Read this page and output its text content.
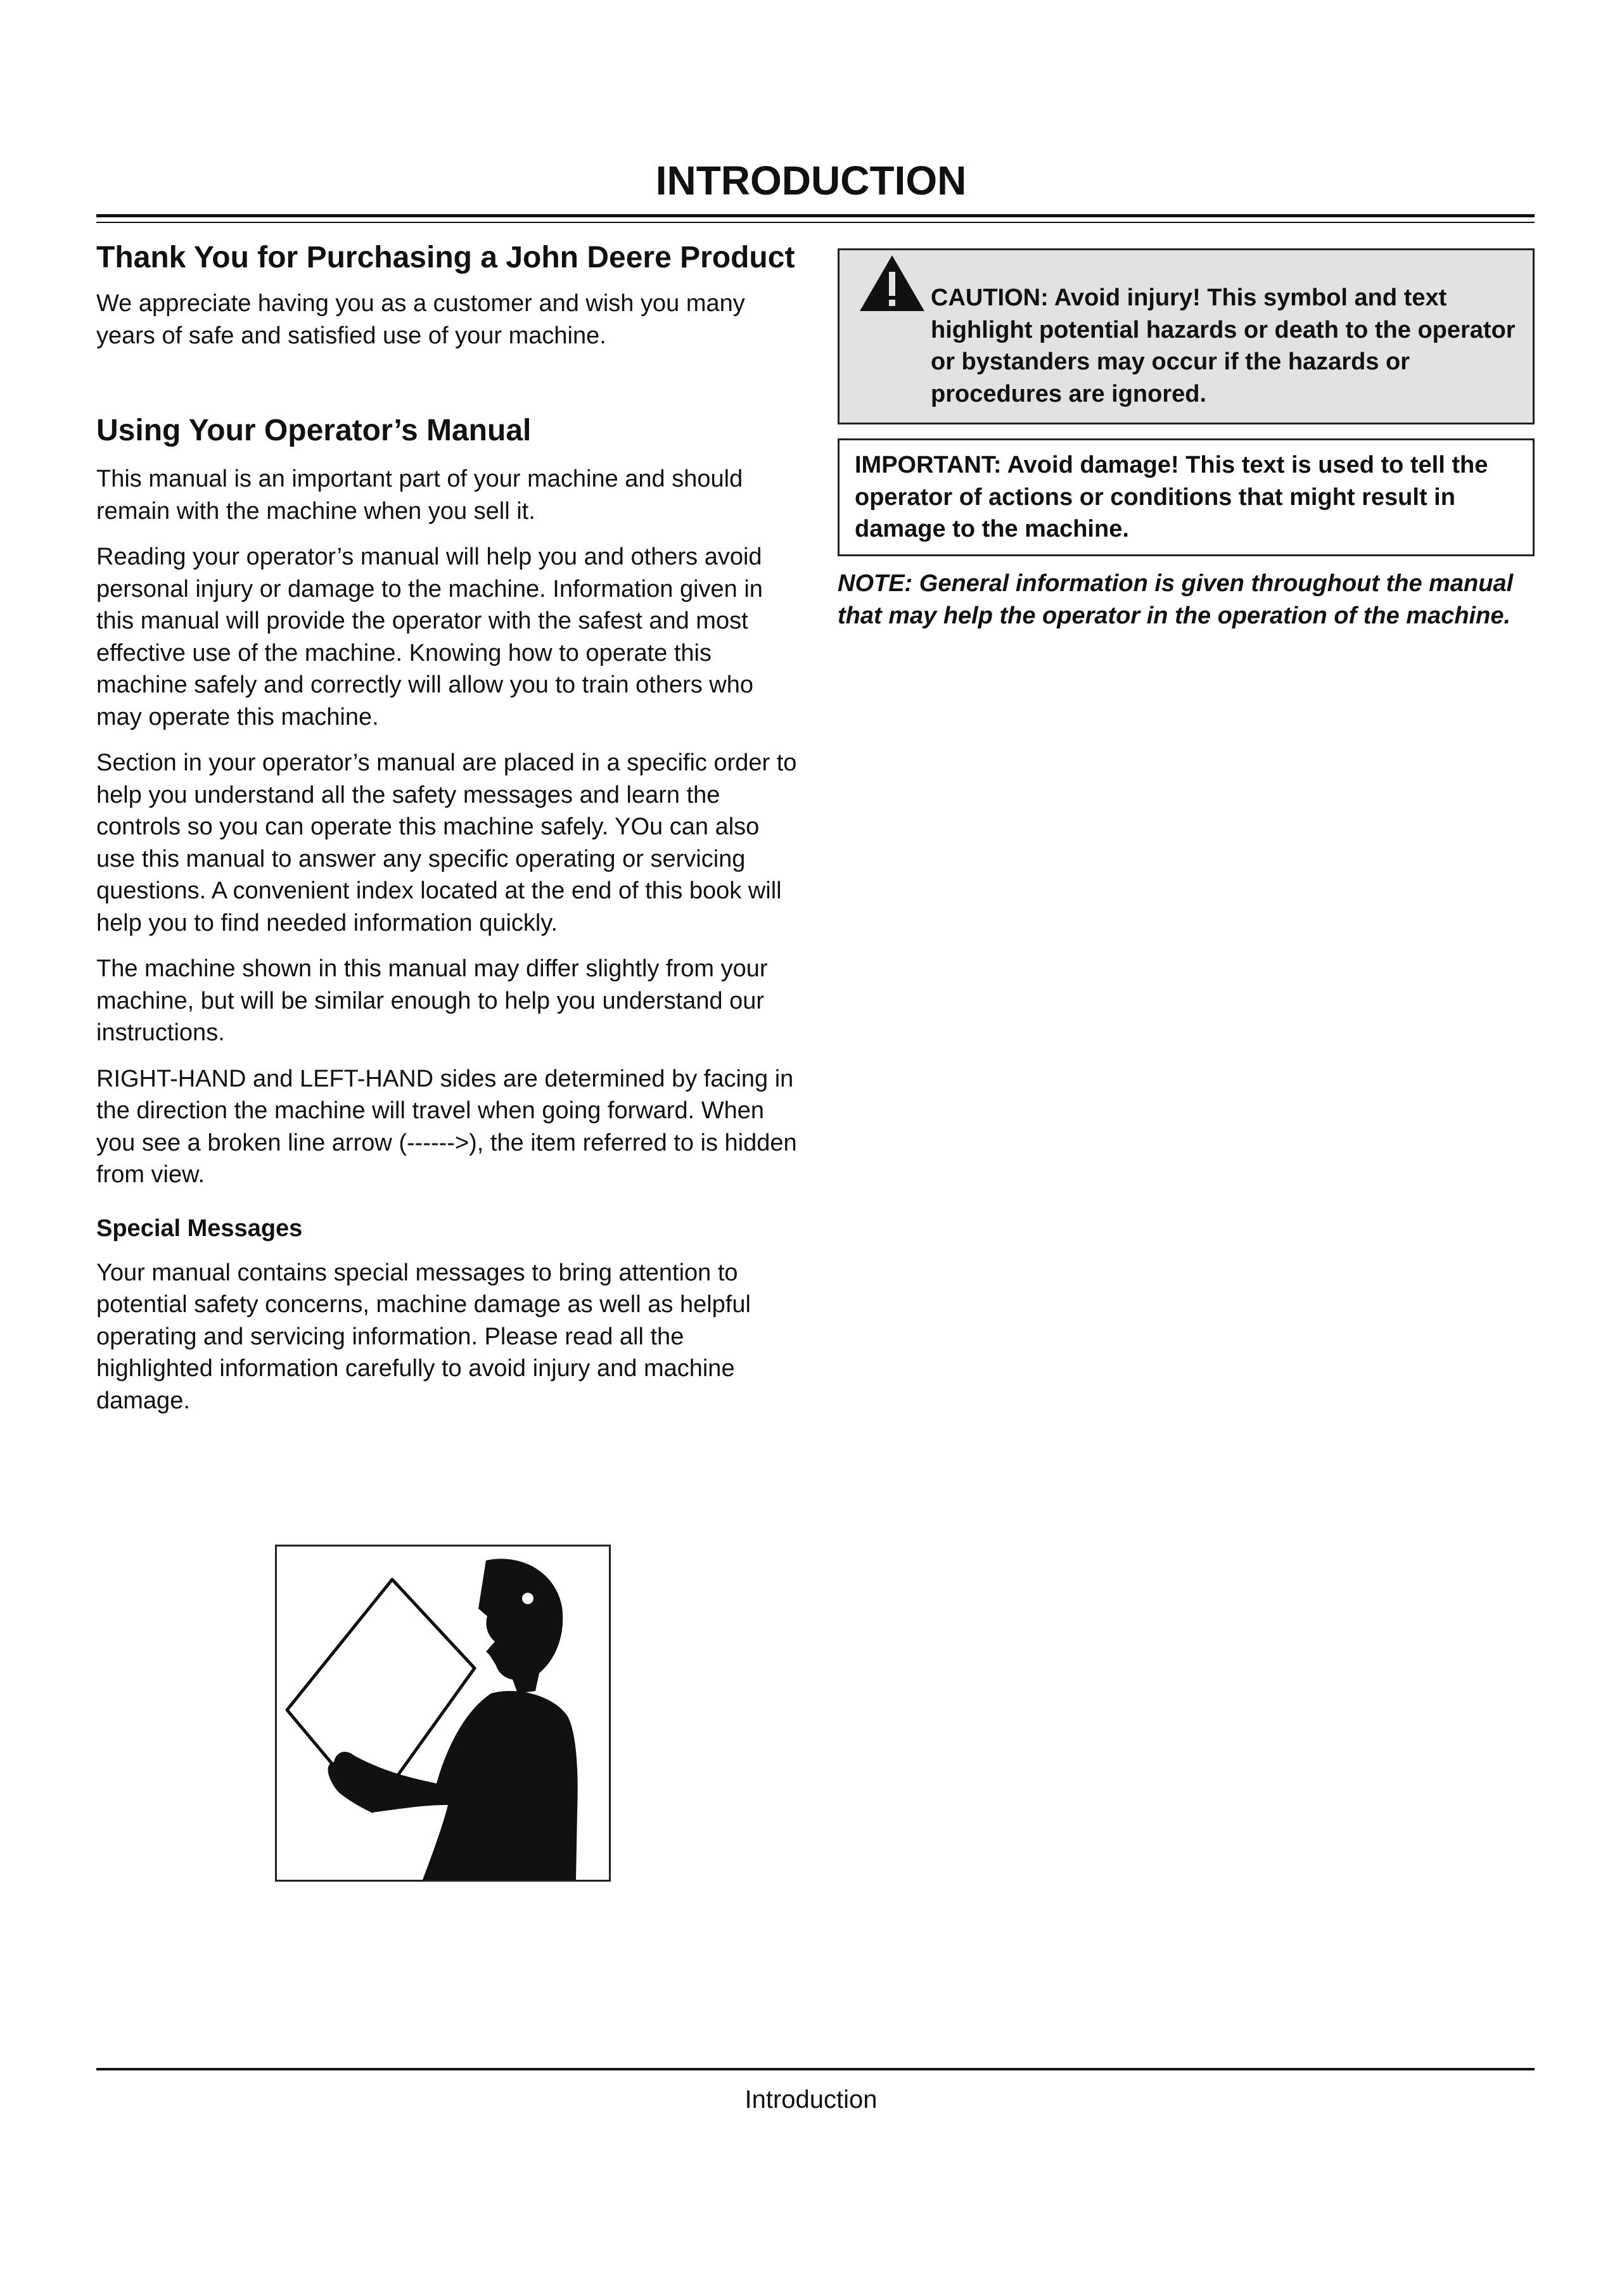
INTRODUCTION
Thank You for Purchasing a John Deere Product

We appreciate having you as a customer and wish you many years of safe and satisfied use of your machine.

Using Your Operator’s Manual

This manual is an important part of your machine and should remain with the machine when you sell it.

Reading your operator’s manual will help you and others avoid personal injury or damage to the machine. Information given in this manual will provide the operator with the safest and most effective use of the machine. Knowing how to operate this machine safely and correctly will allow you to train others who may operate this machine.

Section in your operator’s manual are placed in a specific order to help you understand all the safety messages and learn the controls so you can operate this machine safely. YOu can also use this manual to answer any specific operating or servicing questions. A convenient index located at the end of this book will help you to find needed information quickly.

The machine shown in this manual may differ slightly from your machine, but will be similar enough to help you understand our instructions.

RIGHT-HAND and LEFT-HAND sides are determined by facing in the direction the machine will travel when going forward. When you see a broken line arrow (------>), the item referred to is hidden from view.

Special Messages

Your manual contains special messages to bring attention to potential safety concerns, machine damage as well as helpful operating and servicing information. Please read all the highlighted information carefully to avoid injury and machine damage.

CAUTION: Avoid injury! This symbol and text highlight potential hazards or death to the operator or bystanders may occur if the hazards or procedures are ignored.
IMPORTANT: Avoid damage! This text is used to tell the operator of actions or conditions that might result in damage to the machine.
NOTE: General information is given throughout the manual that may help the operator in the operation of the machine.
Introduction
